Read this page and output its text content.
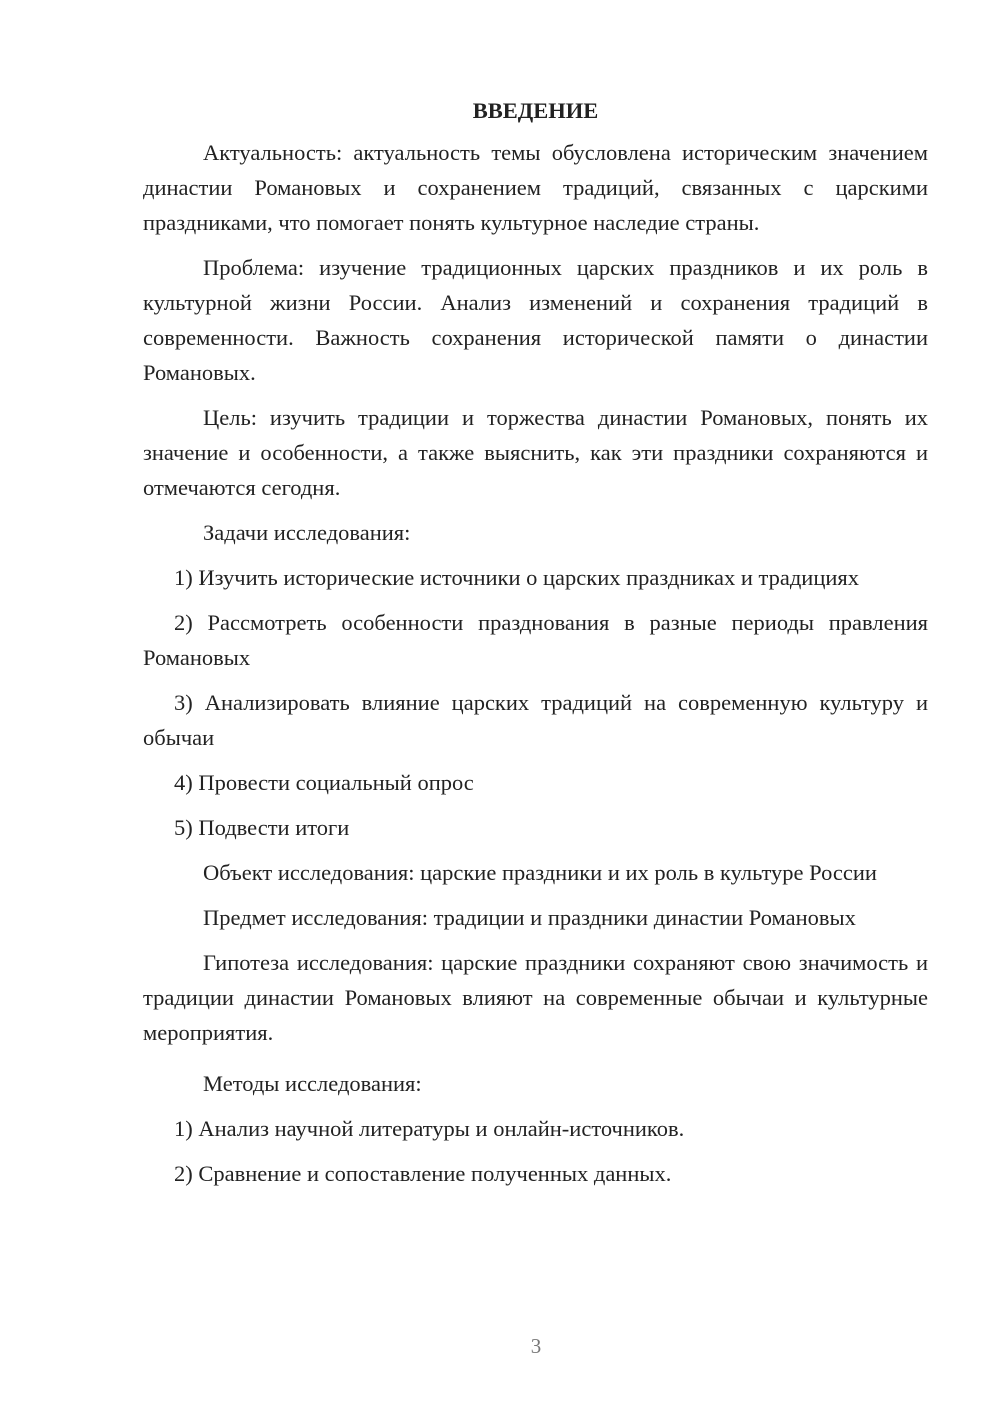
ВВЕДЕНИЕ

Актуальность: актуальность темы обусловлена историческим значением династии Романовых и сохранением традиций, связанных с царскими праздниками, что помогает понять культурное наследие страны.

Проблема: изучение традиционных царских праздников и их роль в культурной жизни России. Анализ изменений и сохранения традиций в современности. Важность сохранения исторической памяти о династии Романовых.

Цель: изучить традиции и торжества династии Романовых, понять их значение и особенности, а также выяснить, как эти праздники сохраняются и отмечаются сегодня.

Задачи исследования:

1) Изучить исторические источники о царских праздниках и традициях

2) Рассмотреть особенности празднования в разные периоды правления Романовых

3) Анализировать влияние царских традиций на современную культуру и обычаи

4) Провести социальный опрос

5) Подвести итоги

Объект исследования: царские праздники и их роль в культуре России

Предмет исследования: традиции и праздники династии Романовых

Гипотеза исследования: царские праздники сохраняют свою значимость и традиции династии Романовых влияют на современные обычаи и культурные мероприятия.

Методы исследования:

1) Анализ научной литературы и онлайн-источников.

2) Сравнение и сопоставление полученных данных.

3
